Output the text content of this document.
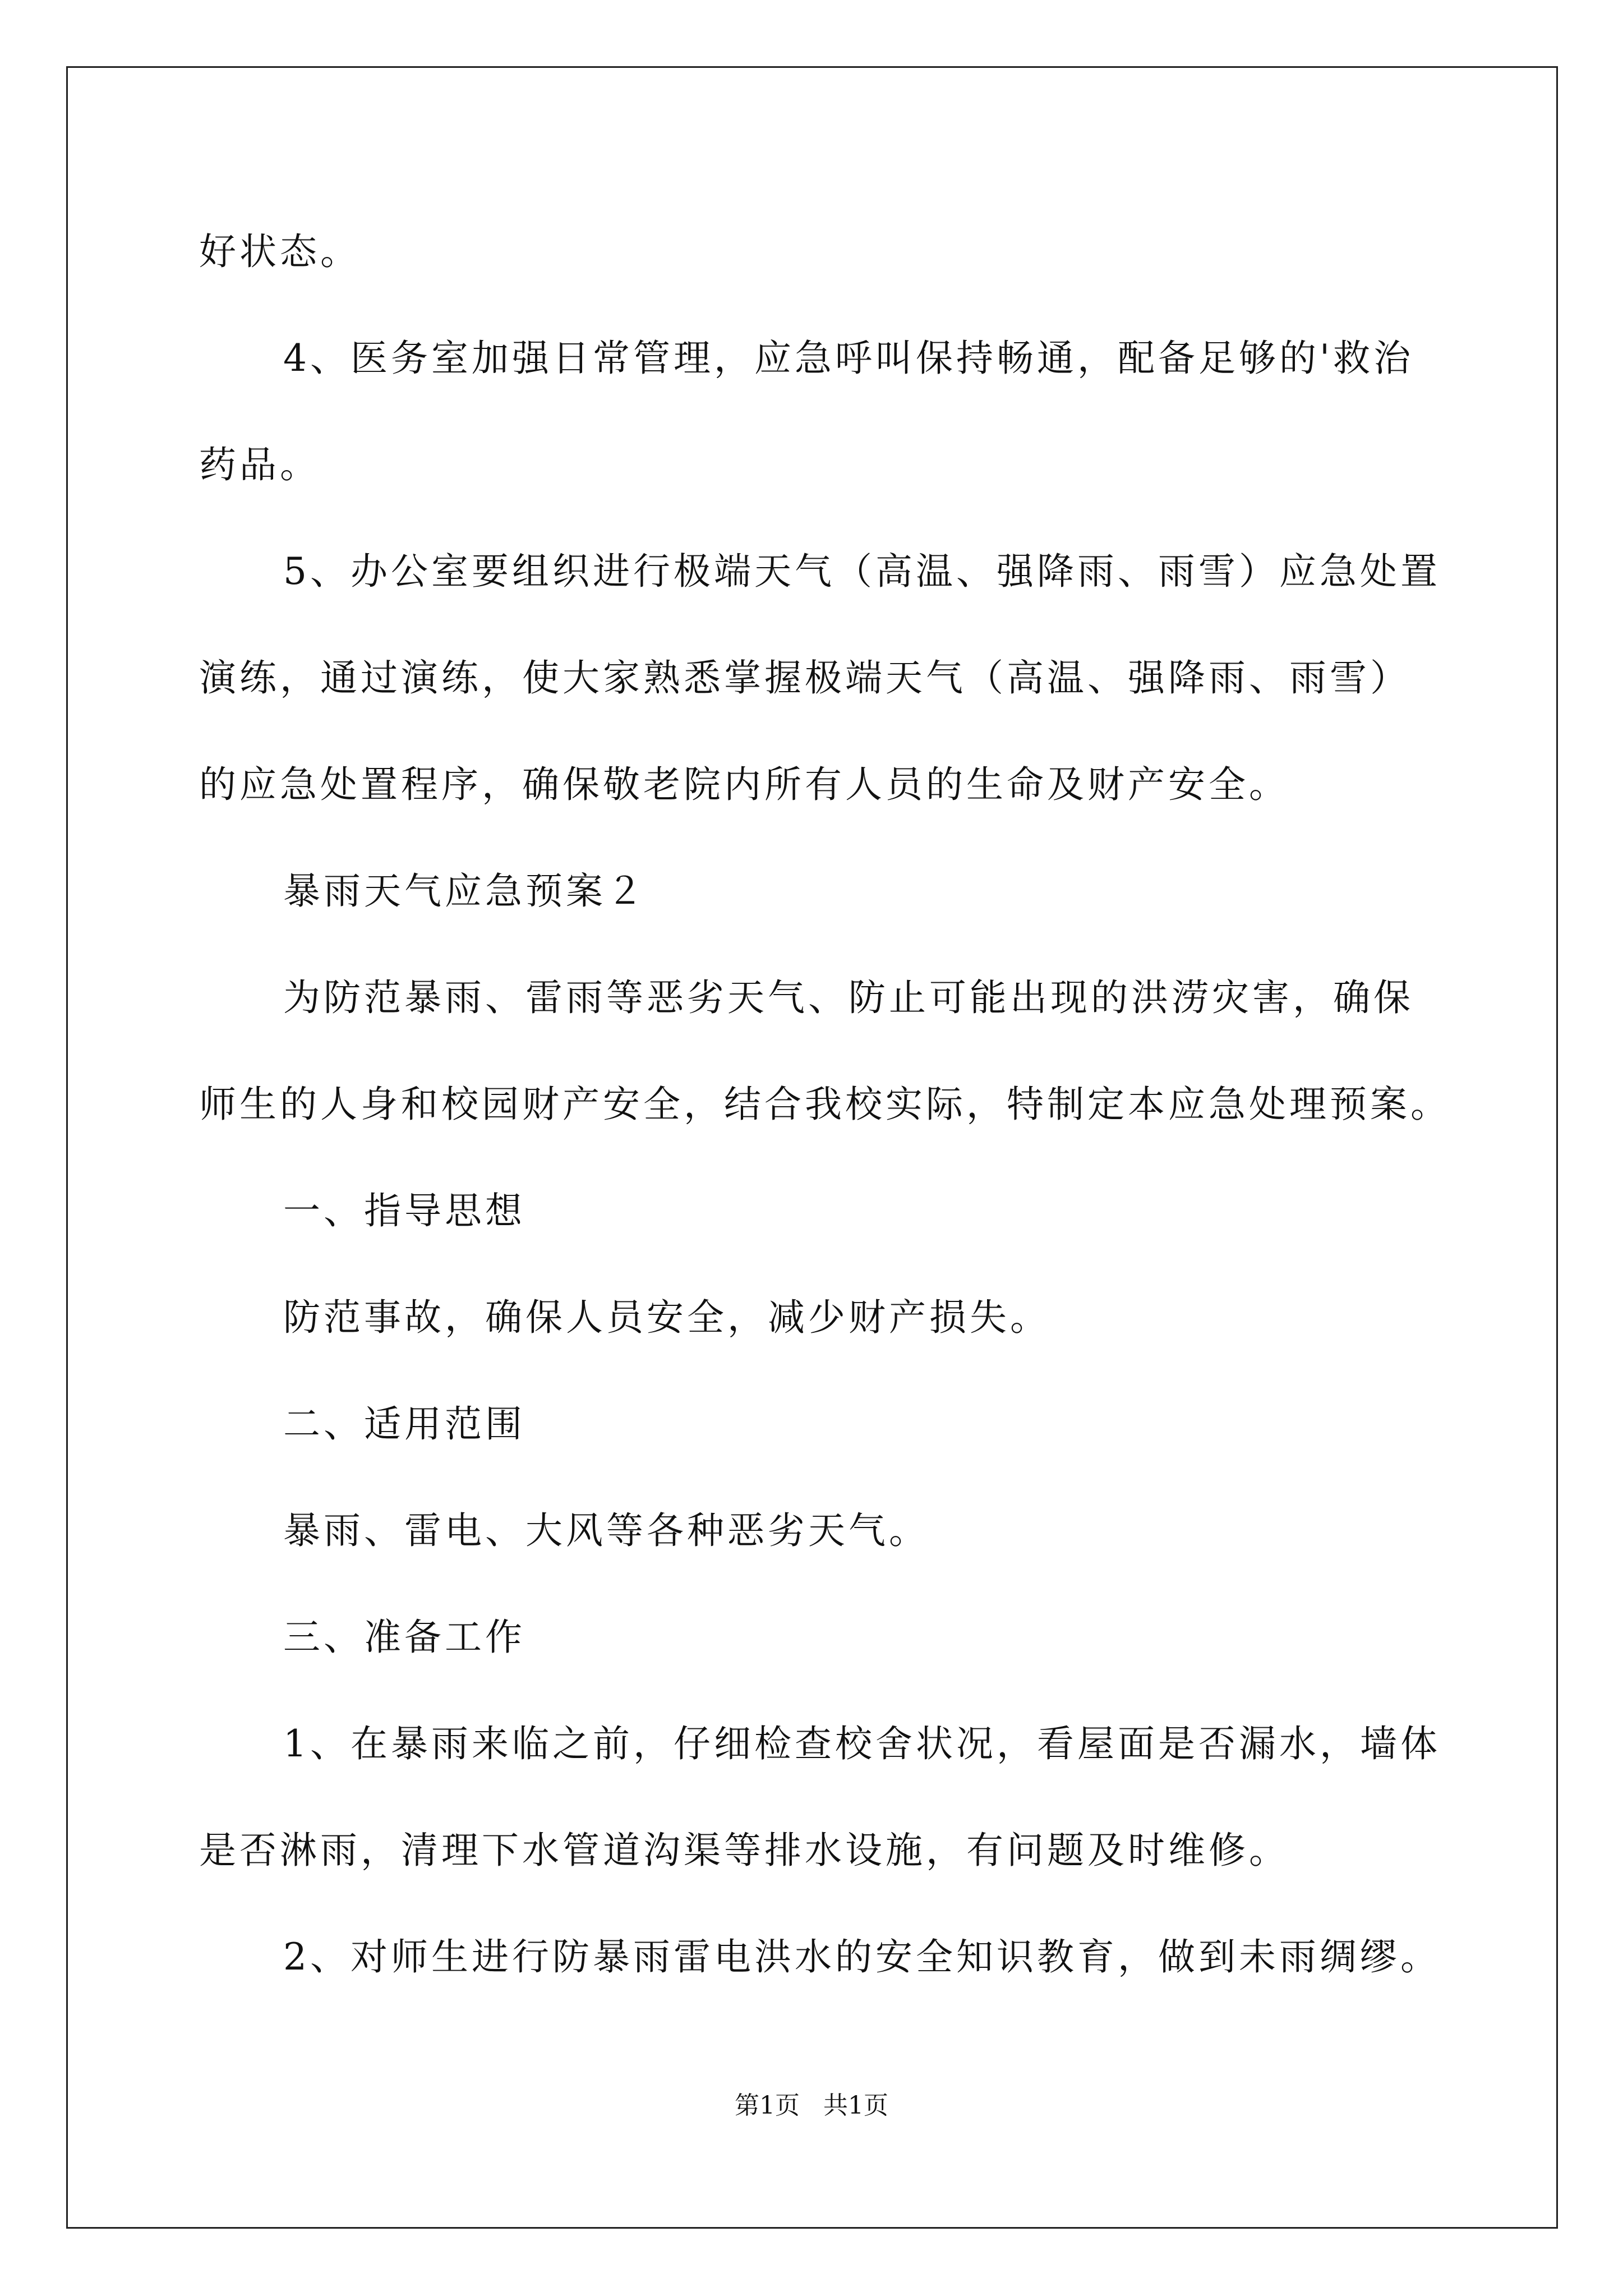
好状态。
4、医务室加强日常管理，应急呼叫保持畅通，配备足够的'救治
药品。
5、办公室要组织进行极端天气（高温、强降雨、雨雪）应急处置
演练，通过演练，使大家熟悉掌握极端天气（高温、强降雨、雨雪）
的应急处置程序，确保敬老院内所有人员的生命及财产安全。
暴雨天气应急预案２
为防范暴雨、雷雨等恶劣天气、防止可能出现的洪涝灾害，确保
师生的人身和校园财产安全，结合我校实际，特制定本应急处理预案。
一、指导思想
防范事故，确保人员安全，减少财产损失。
二、适用范围
暴雨、雷电、大风等各种恶劣天气。
三、准备工作
1、在暴雨来临之前，仔细检查校舍状况，看屋面是否漏水，墙体
是否淋雨，清理下水管道沟渠等排水设施，有问题及时维修。
2、对师生进行防暴雨雷电洪水的安全知识教育，做到未雨绸缪。
第1页   共1页
